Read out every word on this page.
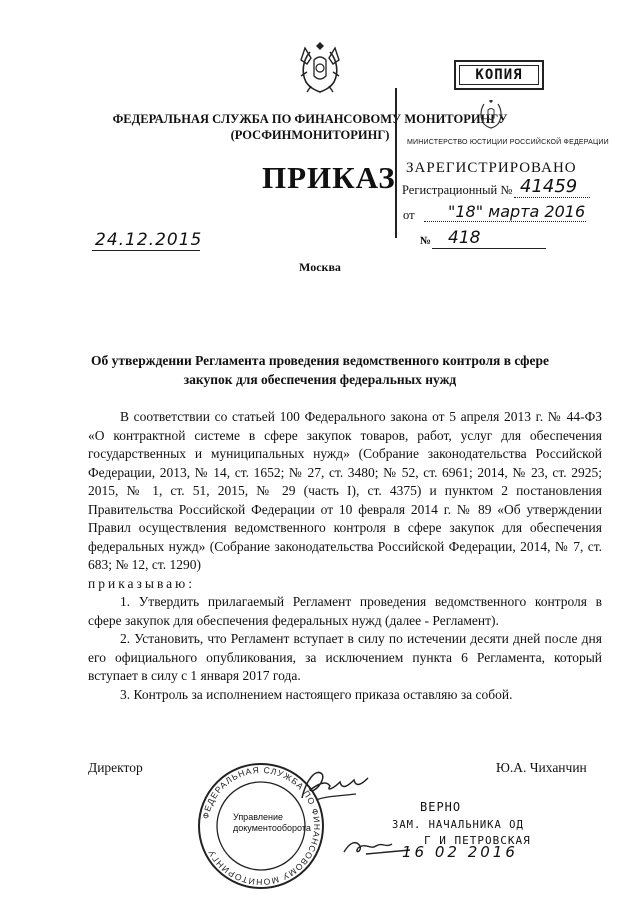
КОПИЯ
ФЕДЕРАЛЬНАЯ СЛУЖБА ПО ФИНАНСОВОМУ МОНИТОРИНГУ
(РОСФИНМОНИТОРИНГ)
МИНИСТЕРСТВО ЮСТИЦИИ РОССИЙСКОЙ ФЕДЕРАЦИИ
ЗАРЕГИСТРИРОВАНО
Регистрационный № 41459
от "18" марта 2016
ПРИКАЗ
24.12.2015	№ 418
Москва
Об утверждении Регламента проведения ведомственного контроля в сфере закупок для обеспечения федеральных нужд

В соответствии со статьей 100 Федерального закона от 5 апреля 2013 г. № 44-ФЗ «О контрактной системе в сфере закупок товаров, работ, услуг для обеспечения государственных и муниципальных нужд» (Собрание законодательства Российской Федерации, 2013, № 14, ст. 1652; № 27, ст. 3480; № 52, ст. 6961; 2014, № 23, ст. 2925; 2015, № 1, ст. 51, 2015, № 29 (часть I), ст. 4375) и пунктом 2 постановления Правительства Российской Федерации от 10 февраля 2014 г. № 89 «Об утверждении Правил осуществления ведомственного контроля в сфере закупок для обеспечения федеральных нужд» (Собрание законодательства Российской Федерации, 2014, № 7, ст. 683; № 12, ст. 1290)

приказываю:

1. Утвердить прилагаемый Регламент проведения ведомственного контроля в сфере закупок для обеспечения федеральных нужд (далее - Регламент).

2. Установить, что Регламент вступает в силу по истечении десяти дней после дня его официального опубликования, за исключением пункта 6 Регламента, который вступает в силу с 1 января 2017 года.

3. Контроль за исполнением настоящего приказа оставляю за собой.

Директор	Ю.А. Чиханчин
ФЕДЕРАЛЬНАЯ СЛУЖБА ПО ФИНАНСОВОМУ МОНИТОРИНГУ
Управление
документооборота
ВЕРНО
ЗАМ. НАЧАЛЬНИКА ОД
Г И ПЕТРОВСКАЯ
16 02 2016
